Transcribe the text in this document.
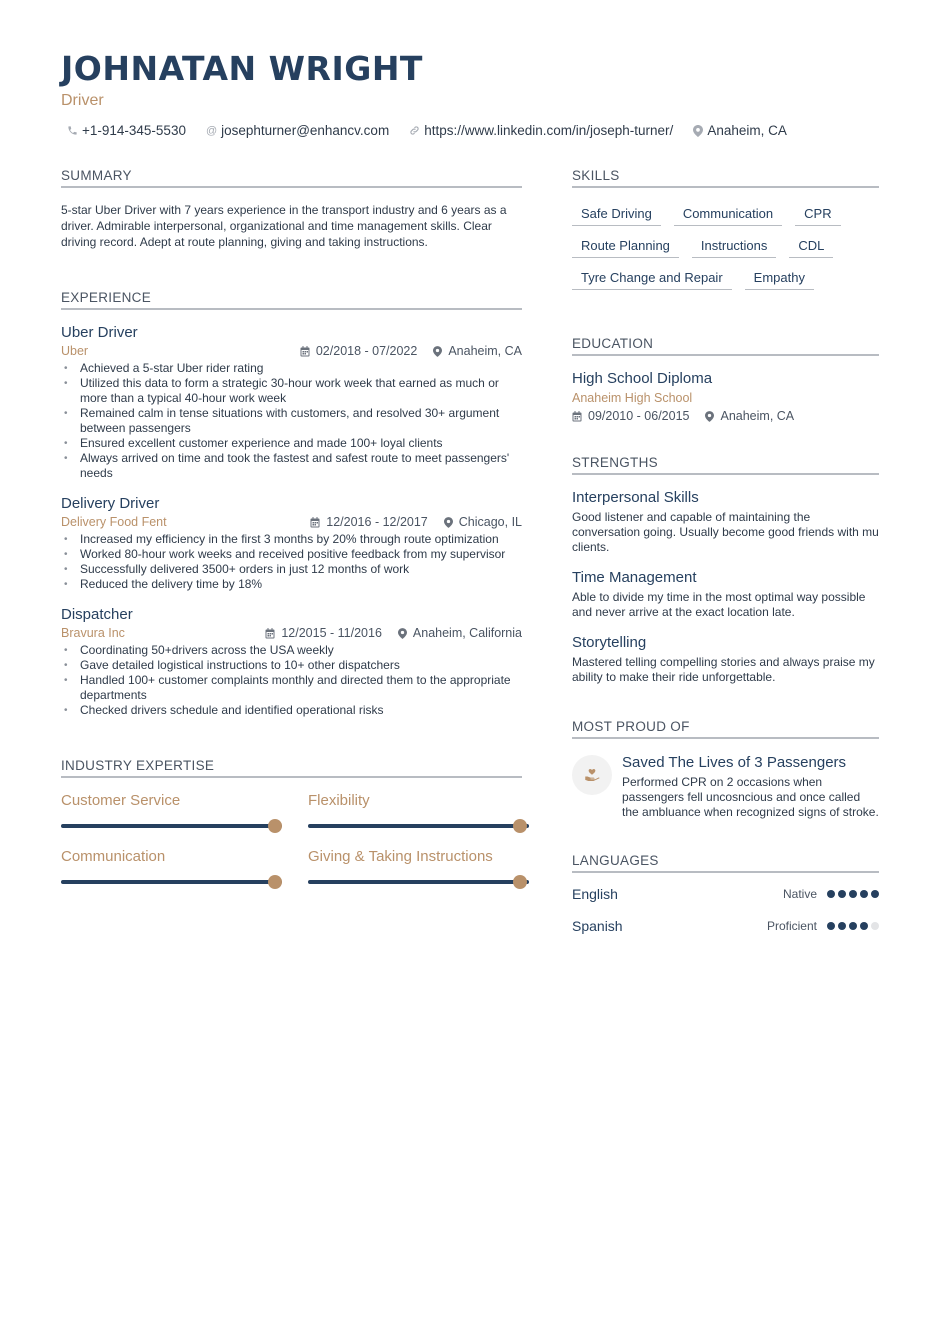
JOHNATAN WRIGHT
Driver
+1-914-345-5530 @ josephturner@enhancv.com	https://www.linkedin.com/in/joseph-turner/	Anaheim, CA
SUMMARY

5-star Uber Driver with 7 years experience in the transport industry and 6 years as a driver. Admirable interpersonal, organizational and time management skills. Clear driving record. Adept at route planning, giving and taking instructions.

EXPERIENCE
Uber Driver
Uber	02/2018 - 07/2022 Anaheim, CA
• Achieved a 5-star Uber rider rating
• Utilized this data to form a strategic 30-hour work week that earned as much or more than a typical 40-hour work week
• Remained calm in tense situations with customers, and resolved 30+ argument between passengers
• Ensured excellent customer experience and made 100+ loyal clients
• Always arrived on time and took the fastest and safest route to meet passengers' needs
Delivery Driver
Delivery Food Fent	12/2016 - 12/2017 Chicago, IL
• Increased my efficiency in the first 3 months by 20% through route optimization
• Worked 80-hour work weeks and received positive feedback from my supervisor
• Successfully delivered 3500+ orders in just 12 months of work
• Reduced the delivery time by 18%
Dispatcher
Bravura Inc	12/2015 - 11/2016 Anaheim, California
• Coordinating 50+drivers across the USA weekly
• Gave detailed logistical instructions to 10+ other dispatchers
• Handled 100+ customer complaints monthly and directed them to the appropriate departments
• Checked drivers schedule and identified operational risks
INDUSTRY EXPERTISE
Customer Service	Flexibility
Communication	Giving & Taking Instructions
SKILLS
Safe Driving	Communication	CPR
Route Planning	Instructions	CDL
Tyre Change and Repair	Empathy
EDUCATION
High School Diploma
Anaheim High School
09/2010 - 06/2015 Anaheim, CA
STRENGTHS
Interpersonal Skills
Good listener and capable of maintaining the conversation going. Usually become good friends with mu clients.
Time Management
Able to divide my time in the most optimal way possible and never arrive at the exact location late.
Storytelling
Mastered telling compelling stories and always praise my ability to make their ride unforgettable.
MOST PROUD OF
Saved The Lives of 3 Passengers
Performed CPR on 2 occasions when passengers fell uncosncious and once called the ambluance when recognized signs of stroke.
LANGUAGES
English	Native
Spanish	Proficient
